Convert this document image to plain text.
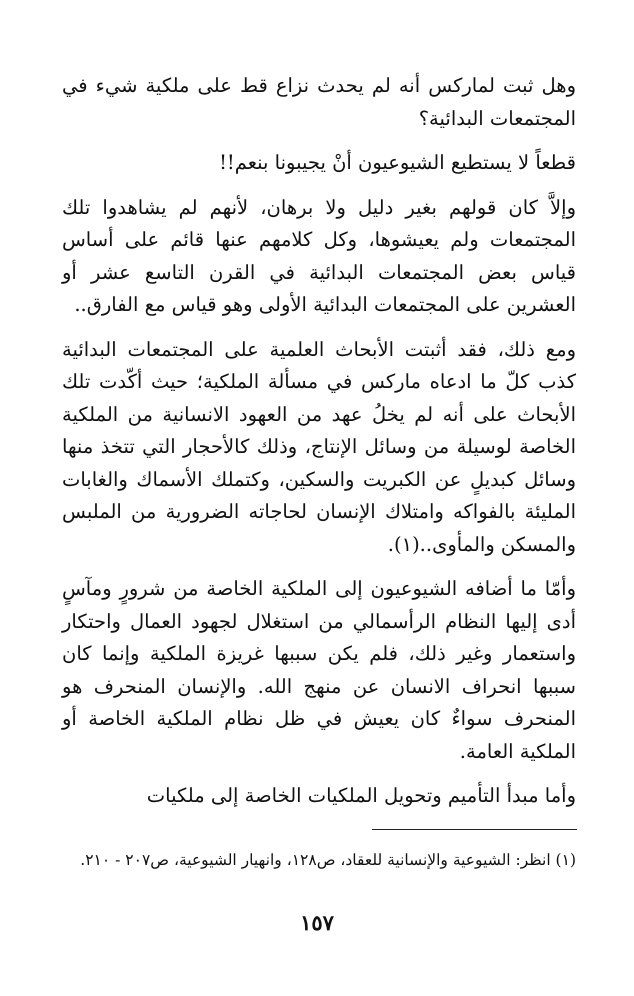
وهل ثبت لماركس أنه لم يحدث نزاع قط على ملكية شيء في المجتمعات البدائية؟

قطعاً لا يستطيع الشيوعيون أنْ يجيبونا بنعم!!

وإلاَّ كان قولهم بغير دليل ولا برهان، لأنهم لم يشاهدوا تلك المجتمعات ولم يعيشوها، وكل كلامهم عنها قائم على أساس قياس بعض المجتمعات البدائية في القرن التاسع عشر أو العشرين على المجتمعات البدائية الأولى وهو قياس مع الفارق..

ومع ذلك، فقد أثبتت الأبحاث العلمية على المجتمعات البدائية كذب كلّ ما ادعاه ماركس في مسألة الملكية؛ حيث أكّدت تلك الأبحاث على أنه لم يخلُ عهد من العهود الانسانية من الملكية الخاصة لوسيلة من وسائل الإنتاج، وذلك كالأحجار التي تتخذ منها وسائل كبديلٍ عن الكبريت والسكين، وكتملك الأسماك والغابات المليئة بالفواكه وامتلاك الإنسان لحاجاته الضرورية من الملبس والمسكن والمأوى..(١).

وأمّا ما أضافه الشيوعيون إلى الملكية الخاصة من شرورٍ ومآسٍ أدى إليها النظام الرأسمالي من استغلال لجهود العمال واحتكار واستعمار وغير ذلك، فلم يكن سببها غريزة الملكية وإنما كان سببها انحراف الانسان عن منهج الله. والإنسان المنحرف هو المنحرف سواءٌ كان يعيش في ظل نظام الملكية الخاصة أو الملكية العامة.

وأما مبدأ التأميم وتحويل الملكيات الخاصة إلى ملكيات

(١) انظر: الشيوعية والإنسانية للعقاد، ص١٢٨، وانهيار الشيوعية، ص٢٠٧ - ٢١٠.
١٥٧
